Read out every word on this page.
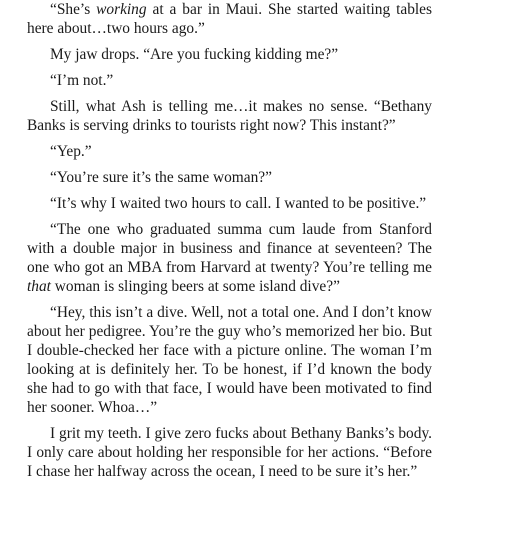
“She’s working at a bar in Maui. She started waiting tables here about…two hours ago.”

My jaw drops. “Are you fucking kidding me?”

“I’m not.”

Still, what Ash is telling me…it makes no sense. “Bethany Banks is serving drinks to tourists right now? This instant?”

“Yep.”

“You’re sure it’s the same woman?”

“It’s why I waited two hours to call. I wanted to be positive.”

“The one who graduated summa cum laude from Stanford with a double major in business and finance at seventeen? The one who got an MBA from Harvard at twenty? You’re telling me that woman is slinging beers at some island dive?”

“Hey, this isn’t a dive. Well, not a total one. And I don’t know about her pedigree. You’re the guy who’s memorized her bio. But I double-checked her face with a picture online. The woman I’m looking at is definitely her. To be honest, if I’d known the body she had to go with that face, I would have been motivated to find her sooner. Whoa…”

I grit my teeth. I give zero fucks about Bethany Banks’s body. I only care about holding her responsible for her actions. “Before I chase her halfway across the ocean, I need to be sure it’s her.”
